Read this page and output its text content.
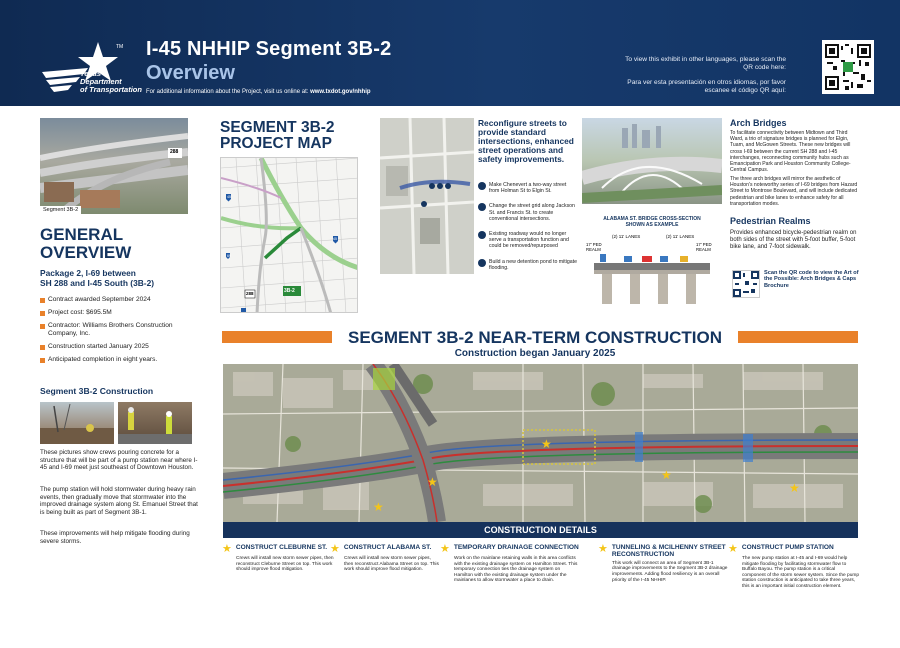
Texas
Department
of Transportation
TM I-45 NHHIP Segment 3B-2
Overview
For additional information about the Project, visit us online at: www.txdot.gov/nhhip

To view this exhibit in other languages, please scan the QR code here:

Para ver esta presentación en otros idiomas, por favor escanee el código QR aquí:

288
Segment 3B-2
GENERAL
OVERVIEW
Package 2, I-69 between
SH 288 and I-45 South (3B-2)
Contract awarded September 2024
Project cost: $695.5M
Contractor: Williams Brothers Construction Company, Inc.
Construction started January 2025
Anticipated completion in eight years.
Segment 3B-2 Construction
These pictures show crews pouring concrete for a structure that will be part of a pump station near where I-45 and I-69 meet just southeast of Downtown Houston.
The pump station will hold stormwater during heavy rain events, then gradually move that stormwater into the improved drainage system along St. Emanuel Street that is being built as part of Segment 3B-1.
These improvements will help mitigate flooding during severe storms.
SEGMENT 3B-2
PROJECT MAP
3B-2
288
69
45
45
Reconfigure streets to provide standard intersections, enhanced street operations and safety improvements.
Make Chenevert a two-way street from Holman St to Elgin St.
Change the street grid along Jackson St. and Francis St. to create conventional intersections.
Existing roadway would no longer serve a transportation function and could be removed/repurposed
Build a new detention pond to mitigate flooding.
ALABAMA ST. BRIDGE CROSS-SECTION
SHOWN AS EXAMPLE
(2) 11' LANES	(2) 11' LANES
17' PED
REALM
17' PED
REALM
Arch Bridges
To facilitate connectivity between Midtown and Third Ward, a trio of signature bridges is planned for Elgin, Tuam, and McGowen Streets. These new bridges will cross I-69 between the current SH 288 and I-45 interchanges, reconnecting community hubs such as Emancipation Park and Houston Community College- Central Campus.
The three arch bridges will mirror the aesthetic of Houston's noteworthy series of I-69 bridges from Hazard Street to Montrose Boulevard, and will include dedicated pedestrian and bike lanes to enhance safety for all transportation modes.
Pedestrian Realms
Provides enhanced bicycle-pedestrian realm on both sides of the street with 5-foot buffer, 5-foot bike lane, and 7-foot sidewalk.
Scan the QR code to view the Art of the Possible: Arch Bridges & Caps Brochure
SEGMENT 3B-2 NEAR-TERM CONSTRUCTION
Construction began January 2025
★
★
★
★
★
CONSTRUCTION DETAILS
★ CONSTRUCT CLEBURNE ST.
Crews will install new storm sewer pipes, then reconstruct Cleburne Street on top. This work should improve flood mitigation.
★ CONSTRUCT ALABAMA ST.
Crews will install new storm sewer pipes, then reconstruct Alabama Street on top. This work should improve flood mitigation.
★ TEMPORARY DRAINAGE CONNECTION
Work on the mainlane retaining walls in this area conflicts with the existing drainage system on Hamilton Street. This temporary connection ties the drainage system on Hamilton with the existing drainage system under the mainlanes to allow stormwater a place to drain.
★ TUNNELING & MCILHENNY STREET RECONSTRUCTION
This work will connect an area of Segment 3B-1 drainage improvements to the Segment 3B-2 drainage improvements. Adding flood resiliency is an overall priority of the I-45 NHHIP.
★ CONSTRUCT PUMP STATION
The new pump station at I-45 and I-69 would help mitigate flooding by facilitating stormwater flow to Buffalo Bayou. The pump station is a critical component of the storm sewer system. Since the pump station construction is anticipated to take three years, this is an important initial construction element.
